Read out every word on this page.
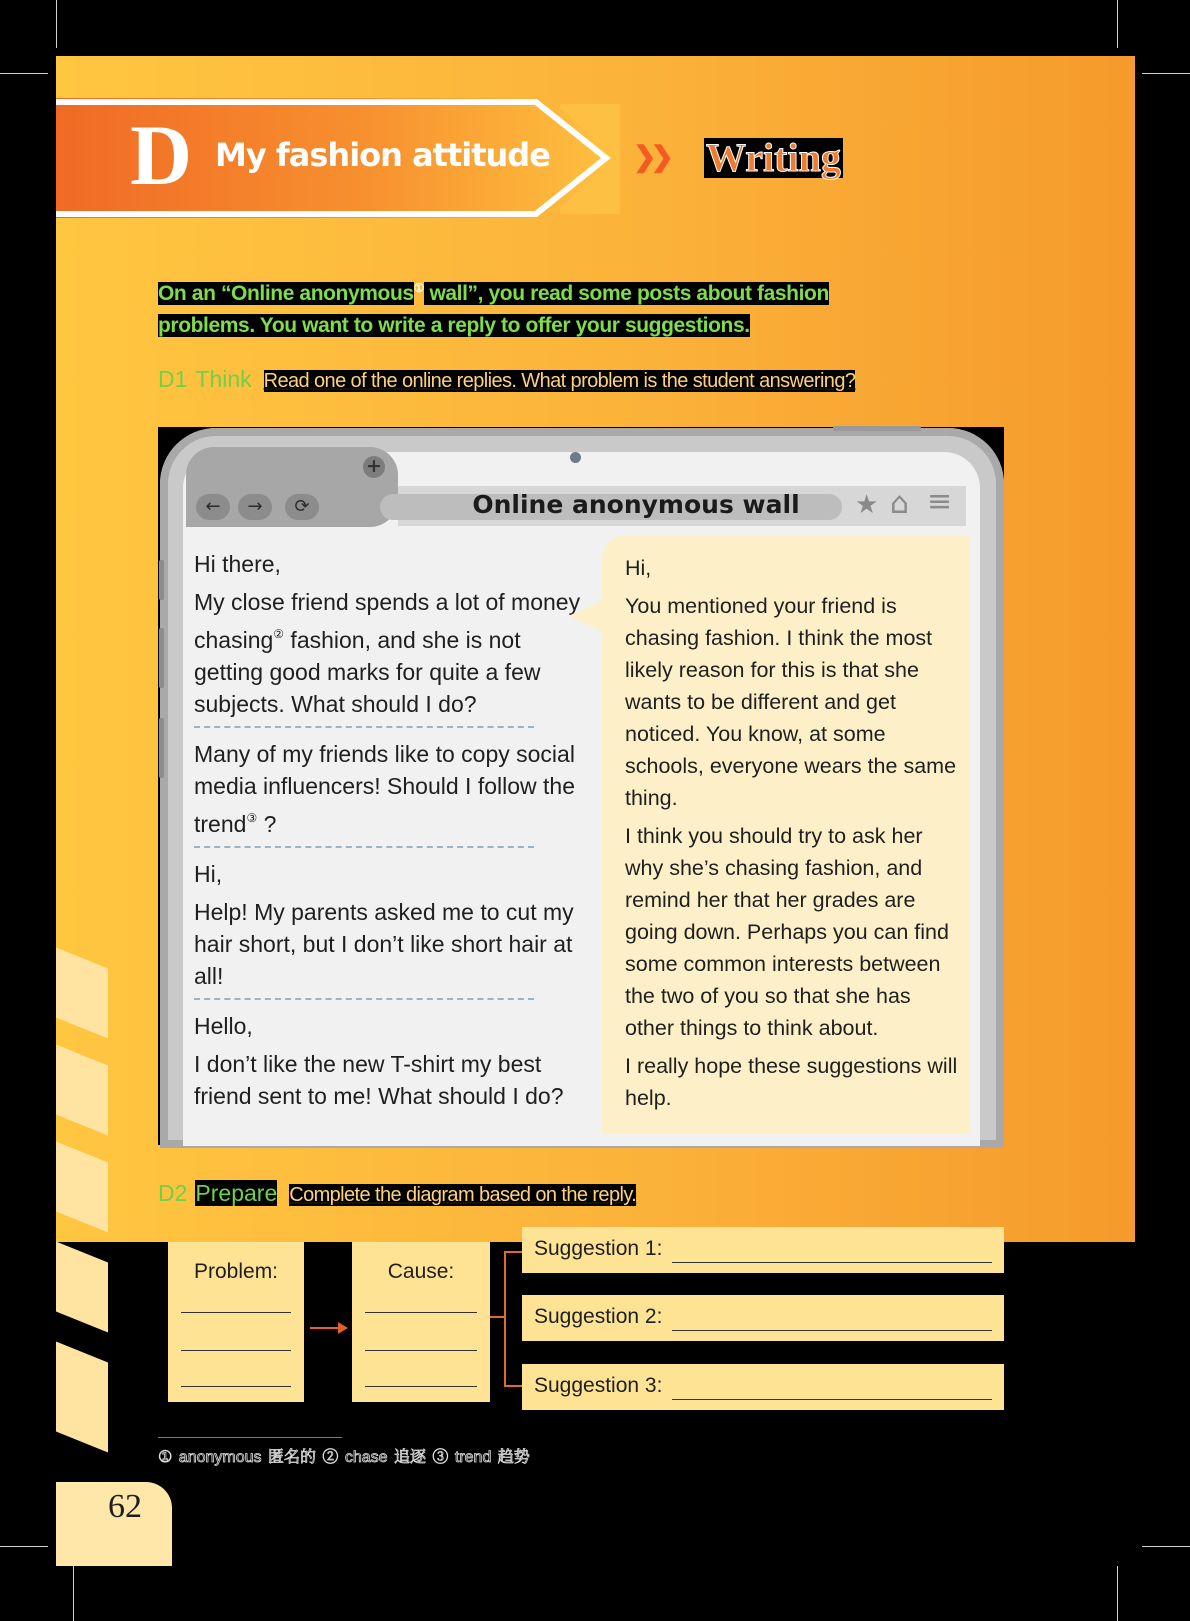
D My fashion attitude	❯❯ Writing
On an “Online anonymous① wall”, you read some posts about fashion
problems. You want to write a reply to offer your suggestions.
D1 Think Read one of the online replies. What problem is the student answering?
+
←	→	⟳	Online anonymous wall	★ ⌂ ≡

Hi there,

My close friend spends a lot of money chasing② fashion, and she is not getting good marks for quite a few subjects. What should I do?

Many of my friends like to copy social media influencers! Should I follow the trend③ ?

Hi,

Help! My parents asked me to cut my hair short, but I don’t like short hair at all!

Hello,

I don’t like the new T-shirt my best friend sent to me! What should I do?

Hi,

You mentioned your friend is chasing fashion. I think the most likely reason for this is that she wants to be different and get noticed. You know, at some schools, everyone wears the same thing.

I think you should try to ask her why she’s chasing fashion, and remind her that her grades are going down. Perhaps you can find some common interests between the two of you so that she has other things to think about.

I really hope these suggestions will help.

D2 Prepare Complete the diagram based on the reply.
Problem:	Cause:
Suggestion 1:
Suggestion 2:
Suggestion 3:
① anonymous 匿名的 ② chase 追逐 ③ trend 趋势
62
